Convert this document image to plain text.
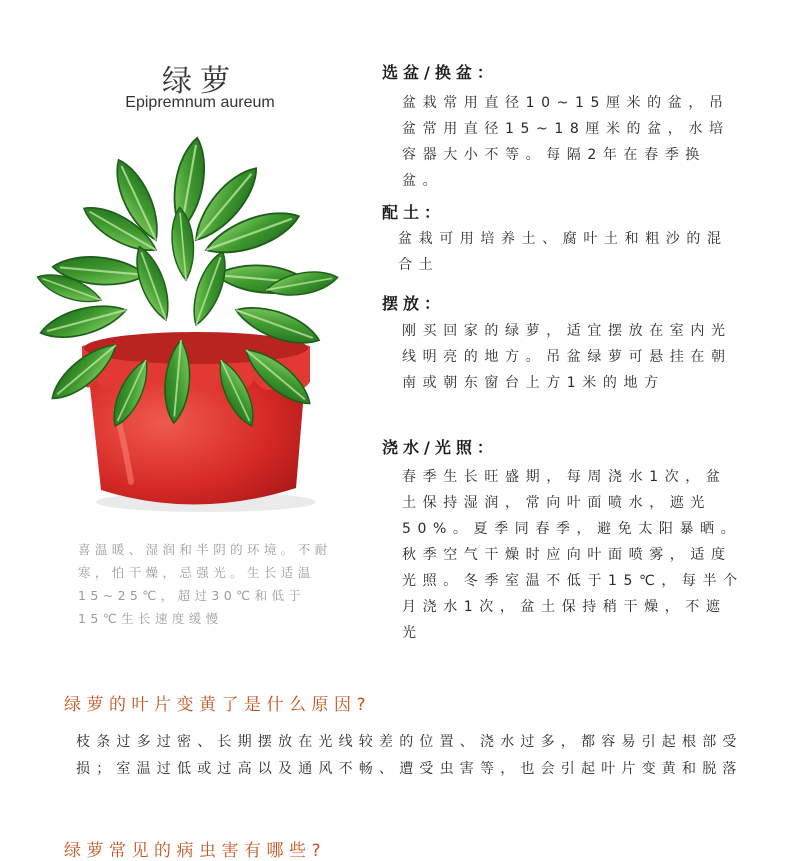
绿萝
Epipremnum aureum
喜温暖、湿润和半阴的环境。不耐寒，怕干燥，忌强光。生长适温15~25℃，超过30℃和低于15℃生长速度缓慢
选盆/换盆：
盆栽常用直径10~15厘米的盆，吊盆常用直径15~18厘米的盆，水培容器大小不等。每隔2年在春季换盆。
配土：
盆栽可用培养土、腐叶土和粗沙的混合土
摆放：
刚买回家的绿萝，适宜摆放在室内光线明亮的地方。吊盆绿萝可悬挂在朝南或朝东窗台上方1米的地方
浇水/光照：
春季生长旺盛期，每周浇水1次，盆土保持湿润，常向叶面喷水，遮光50%。夏季同春季，避免太阳暴晒。秋季空气干燥时应向叶面喷雾，适度光照。冬季室温不低于15℃，每半个月浇水1次，盆土保持稍干燥，不遮光
绿萝的叶片变黄了是什么原因?
枝条过多过密、长期摆放在光线较差的位置、浇水过多，都容易引起根部受损；室温过低或过高以及通风不畅、遭受虫害等，也会引起叶片变黄和脱落
绿萝常见的病虫害有哪些?
